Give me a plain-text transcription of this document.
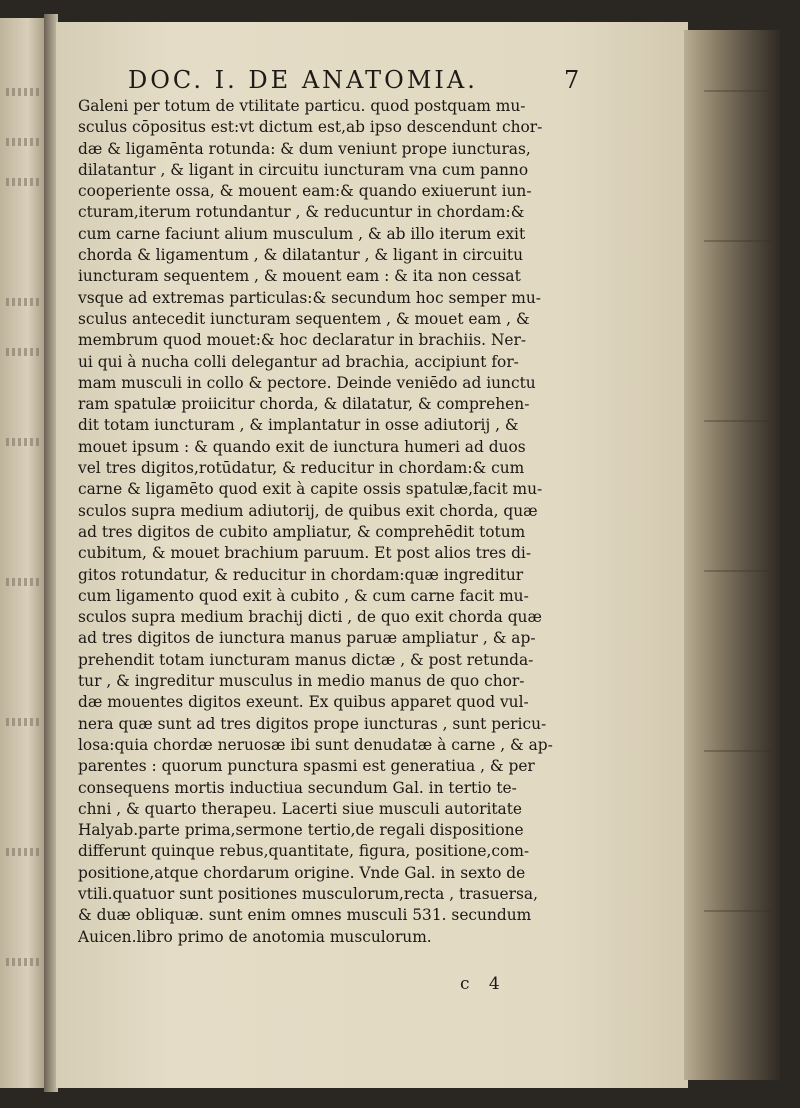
DOC. I. DE ANATOMIA.	7
Galeni per totum de vtilitate particu. quod postquam mu-
sculus cōpositus est:vt dictum est,ab ipso descendunt chor-
dæ & ligamēnta rotunda: & dum veniunt prope iuncturas,
dilatantur , & ligant in circuitu iuncturam vna cum panno
cooperiente ossa, & mouent eam:& quando exiuerunt iun-
cturam,iterum rotundantur , & reducuntur in chordam:&
cum carne faciunt alium musculum , & ab illo iterum exit
chorda & ligamentum , & dilatantur , & ligant in circuitu
iuncturam sequentem , & mouent eam : & ita non cessat
vsque ad extremas particulas:& secundum hoc semper mu-
sculus antecedit iuncturam sequentem , & mouet eam , &
membrum quod mouet:& hoc declaratur in brachiis. Ner-
ui qui à nucha colli delegantur ad brachia, accipiunt for-
mam musculi in collo & pectore. Deinde veniēdo ad iunctu
ram spatulæ proiicitur chorda, & dilatatur, & comprehen-
dit totam iuncturam , & implantatur in osse adiutorij , &
mouet ipsum : & quando exit de iunctura humeri ad duos
vel tres digitos,rotūdatur, & reducitur in chordam:& cum
carne & ligamēto quod exit à capite ossis spatulæ,facit mu-
sculos supra medium adiutorij, de quibus exit chorda, quæ
ad tres digitos de cubito ampliatur, & comprehēdit totum
cubitum, & mouet brachium paruum. Et post alios tres di-
gitos rotundatur, & reducitur in chordam:quæ ingreditur
cum ligamento quod exit à cubito , & cum carne facit mu-
sculos supra medium brachij dicti , de quo exit chorda quæ
ad tres digitos de iunctura manus paruæ ampliatur , & ap-
prehendit totam iuncturam manus dictæ , & post retunda-
tur , & ingreditur musculus in medio manus de quo chor-
dæ mouentes digitos exeunt. Ex quibus apparet quod vul-
nera quæ sunt ad tres digitos prope iuncturas , sunt pericu-
losa:quia chordæ neruosæ ibi sunt denudatæ à carne , & ap-
parentes : quorum punctura spasmi est generatiua , & per
consequens mortis inductiua secundum Gal. in tertio te-
chni , & quarto therapeu. Lacerti siue musculi autoritate
Halyab.parte prima,sermone tertio,de regali dispositione
differunt quinque rebus,quantitate, figura, positione,com-
positione,atque chordarum origine. Vnde Gal. in sexto de
vtili.quatuor sunt positiones musculorum,recta , trasuersa,
& duæ obliquæ. sunt enim omnes musculi 531. secundum
Auicen.libro primo de anotomia musculorum.
c 4
